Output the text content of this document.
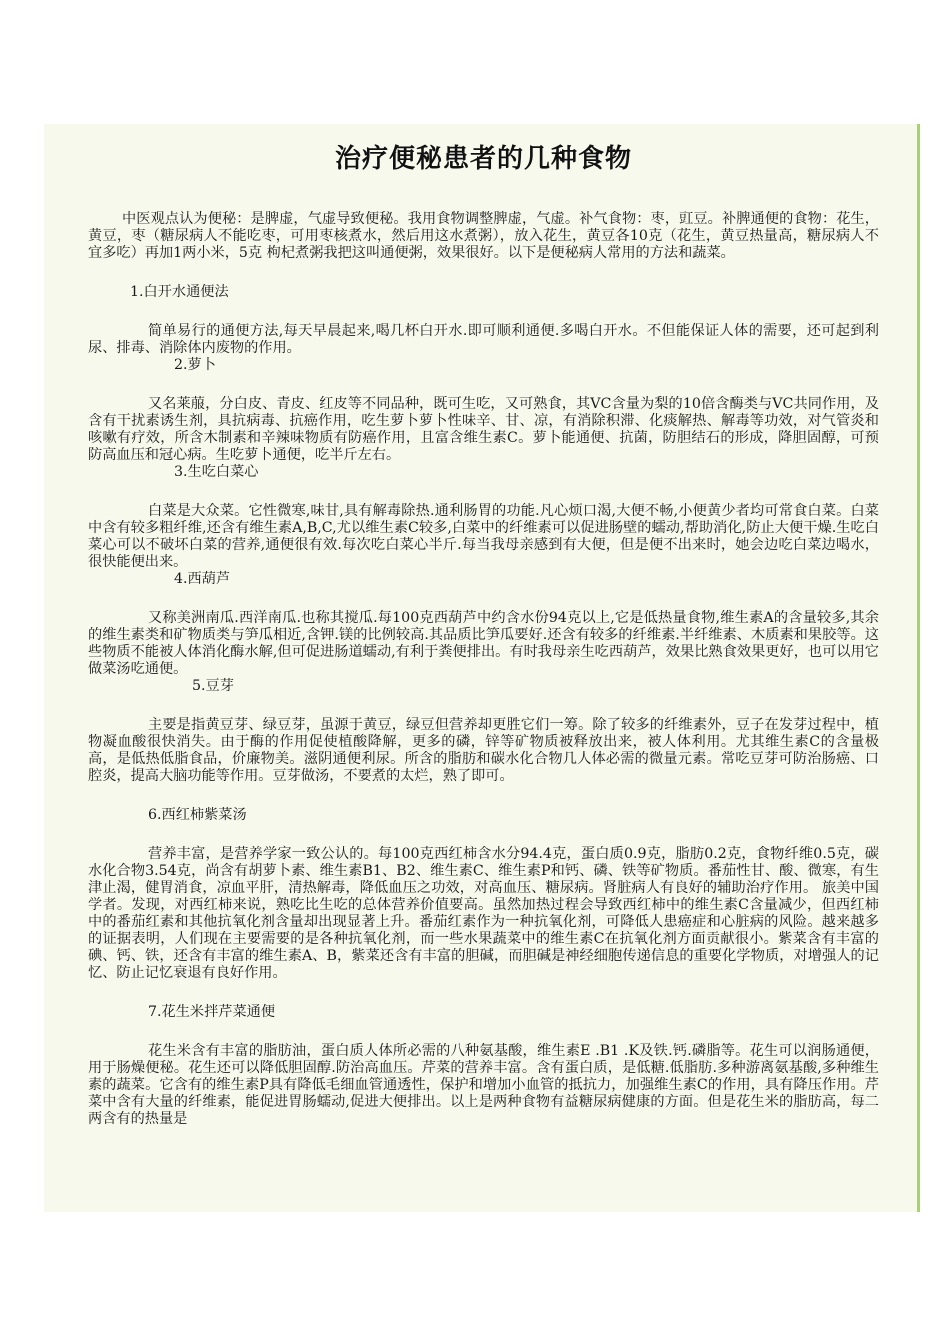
治疗便秘患者的几种食物

中医观点认为便秘：是脾虚，气虚导致便秘。我用食物调整脾虚，气虚。补气食物：枣，豇豆。补脾通便的食物：花生，黄豆，枣（糖尿病人不能吃枣，可用枣核煮水，然后用这水煮粥），放入花生，黄豆各10克（花生，黄豆热量高，糖尿病人不宜多吃）再加1两小米，5克 枸杞煮粥我把这叫通便粥，效果很好。以下是便秘病人常用的方法和蔬菜。

1.白开水通便法

简单易行的通便方法,每天早晨起来,喝几杯白开水.即可顺利通便.多喝白开水。不但能保证人体的需要，还可起到利尿、排毒、消除体内废物的作用。

2.萝卜

又名莱菔，分白皮、青皮、红皮等不同品种，既可生吃，又可熟食，其VC含量为梨的10倍含酶类与VC共同作用，及含有干扰素诱生剂，具抗病毒、抗癌作用，吃生萝卜萝卜性味辛、甘、凉，有消除积滞、化痰解热、解毒等功效，对气管炎和咳嗽有疗效，所含木制素和辛辣味物质有防癌作用，且富含维生素C。萝卜能通便、抗菌，防胆结石的形成，降胆固醇，可预防高血压和冠心病。生吃萝卜通便，吃半斤左右。

3.生吃白菜心

白菜是大众菜。它性微寒,味甘,具有解毒除热.通利肠胃的功能.凡心烦口渴,大便不畅,小便黄少者均可常食白菜。白菜中含有较多粗纤维,还含有维生素A,B,C,尤以维生素C较多,白菜中的纤维素可以促进肠壁的蠕动,帮助消化,防止大便干燥.生吃白菜心可以不破坏白菜的营养,通便很有效.每次吃白菜心半斤.每当我母亲感到有大便，但是便不出来时，她会边吃白菜边喝水，很快能便出来。

4.西葫芦

又称美洲南瓜.西洋南瓜.也称其搅瓜.每100克西葫芦中约含水份94克以上,它是低热量食物,维生素A的含量较多,其余的维生素类和矿物质类与笋瓜相近,含钾.镁的比例较高.其品质比笋瓜要好.还含有较多的纤维素.半纤维素、木质素和果胶等。这些物质不能被人体消化酶水解,但可促进肠道蠕动,有利于粪便排出。有时我母亲生吃西葫芦，效果比熟食效果更好，也可以用它做菜汤吃通便。

5.豆芽

主要是指黄豆芽、绿豆芽，虽源于黄豆，绿豆但营养却更胜它们一筹。除了较多的纤维素外，豆子在发芽过程中，植物凝血酸很快消失。由于酶的作用促使植酸降解，更多的磷，锌等矿物质被释放出来，被人体利用。尤其维生素C的含量极高，是低热低脂食品，价廉物美。滋阴通便利尿。所含的脂肪和碳水化合物几人体必需的微量元素。常吃豆芽可防治肠癌、口腔炎，提高大脑功能等作用。豆芽做汤，不要煮的太烂，熟了即可。

6.西红柿紫菜汤

营养丰富，是营养学家一致公认的。每100克西红柿含水分94.4克，蛋白质0.9克，脂肪0.2克，食物纤维0.5克，碳水化合物3.54克，尚含有胡萝卜素、维生素B1、B2、维生素C、维生素P和钙、磷、铁等矿物质。番茄性甘、酸、微寒，有生津止渴，健胃消食，凉血平肝，清热解毒，降低血压之功效，对高血压、糖尿病。肾脏病人有良好的辅助治疗作用。 旅美中国学者。发现，对西红柿来说，熟吃比生吃的总体营养价值要高。虽然加热过程会导致西红柿中的维生素C含量减少，但西红柿中的番茄红素和其他抗氧化剂含量却出现显著上升。番茄红素作为一种抗氧化剂，可降低人患癌症和心脏病的风险。越来越多的证据表明，人们现在主要需要的是各种抗氧化剂，而一些水果蔬菜中的维生素C在抗氧化剂方面贡献很小。紫菜含有丰富的碘、钙、铁，还含有丰富的维生素A、B，紫菜还含有丰富的胆碱，而胆碱是神经细胞传递信息的重要化学物质，对增强人的记忆、防止记忆衰退有良好作用。

7.花生米拌芹菜通便

花生米含有丰富的脂肪油，蛋白质人体所必需的八种氨基酸，维生素E .B1 .K及铁.钙.磷脂等。花生可以润肠通便，用于肠燥便秘。花生还可以降低胆固醇.防治高血压。芹菜的营养丰富。含有蛋白质，是低糖.低脂肪.多种游离氨基酸,多种维生素的蔬菜。它含有的维生素P具有降低毛细血管通透性，保护和增加小血管的抵抗力，加强维生素C的作用，具有降压作用。芹菜中含有大量的纤维素，能促进胃肠蠕动,促进大便排出。以上是两种食物有益糖尿病健康的方面。但是花生米的脂肪高，每二两含有的热量是
